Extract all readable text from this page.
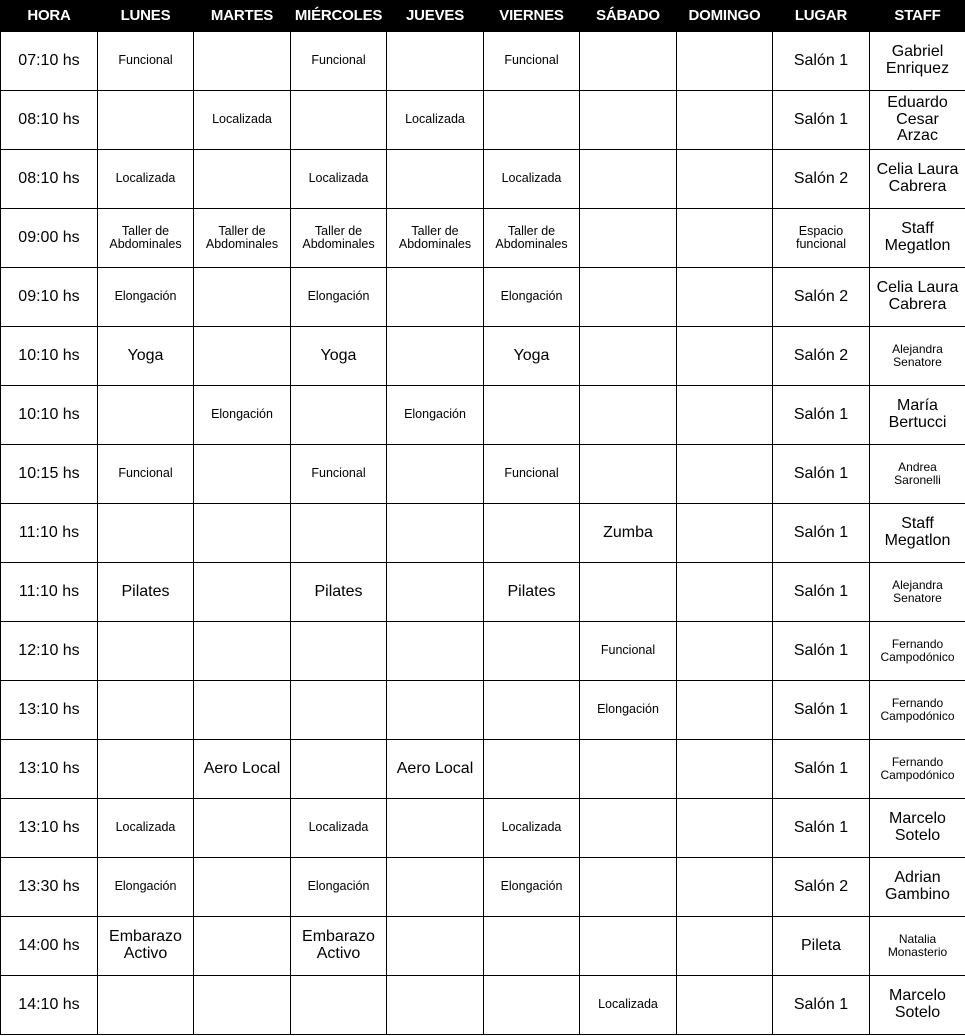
HORA	LUNES	MARTES	MIÉRCOLES	JUEVES	VIERNES	SÁBADO	DOMINGO	LUGAR	STAFF
07:10 hs	Funcional		Funcional		Funcional			Salón 1	Gabriel
Enriquez

08:10 hs		Localizada		Localizada				Salón 1	Eduardo
Cesar
Arzac

08:10 hs	Localizada		Localizada		Localizada			Salón 2	Celia Laura
Cabrera

09:00 hs	Taller de
Abdominales	Taller de
Abdominales	Taller de
Abdominales	Taller de
Abdominales	Taller de
Abdominales			Espacio
funcional	Staff
Megatlon

09:10 hs	Elongación		Elongación		Elongación			Salón 2	Celia Laura
Cabrera

10:10 hs	Yoga		Yoga		Yoga			Salón 2	Alejandra
Senatore

10:10 hs		Elongación		Elongación				Salón 1	María
Bertucci

10:15 hs	Funcional		Funcional		Funcional			Salón 1	Andrea
Saronelli

11:10 hs						Zumba		Salón 1	Staff
Megatlon

11:10 hs	Pilates		Pilates		Pilates			Salón 1	Alejandra
Senatore

12:10 hs						Funcional		Salón 1	Fernando
Campodónico

13:10 hs						Elongación		Salón 1	Fernando
Campodónico

13:10 hs		Aero Local		Aero Local				Salón 1	Fernando
Campodónico

13:10 hs	Localizada		Localizada		Localizada			Salón 1	Marcelo
Sotelo

13:30 hs	Elongación		Elongación		Elongación			Salón 2	Adrian
Gambino

14:00 hs	Embarazo
Activo		Embarazo
Activo					Pileta	Natalia
Monasterio

14:10 hs						Localizada		Salón 1	Marcelo
Sotelo
